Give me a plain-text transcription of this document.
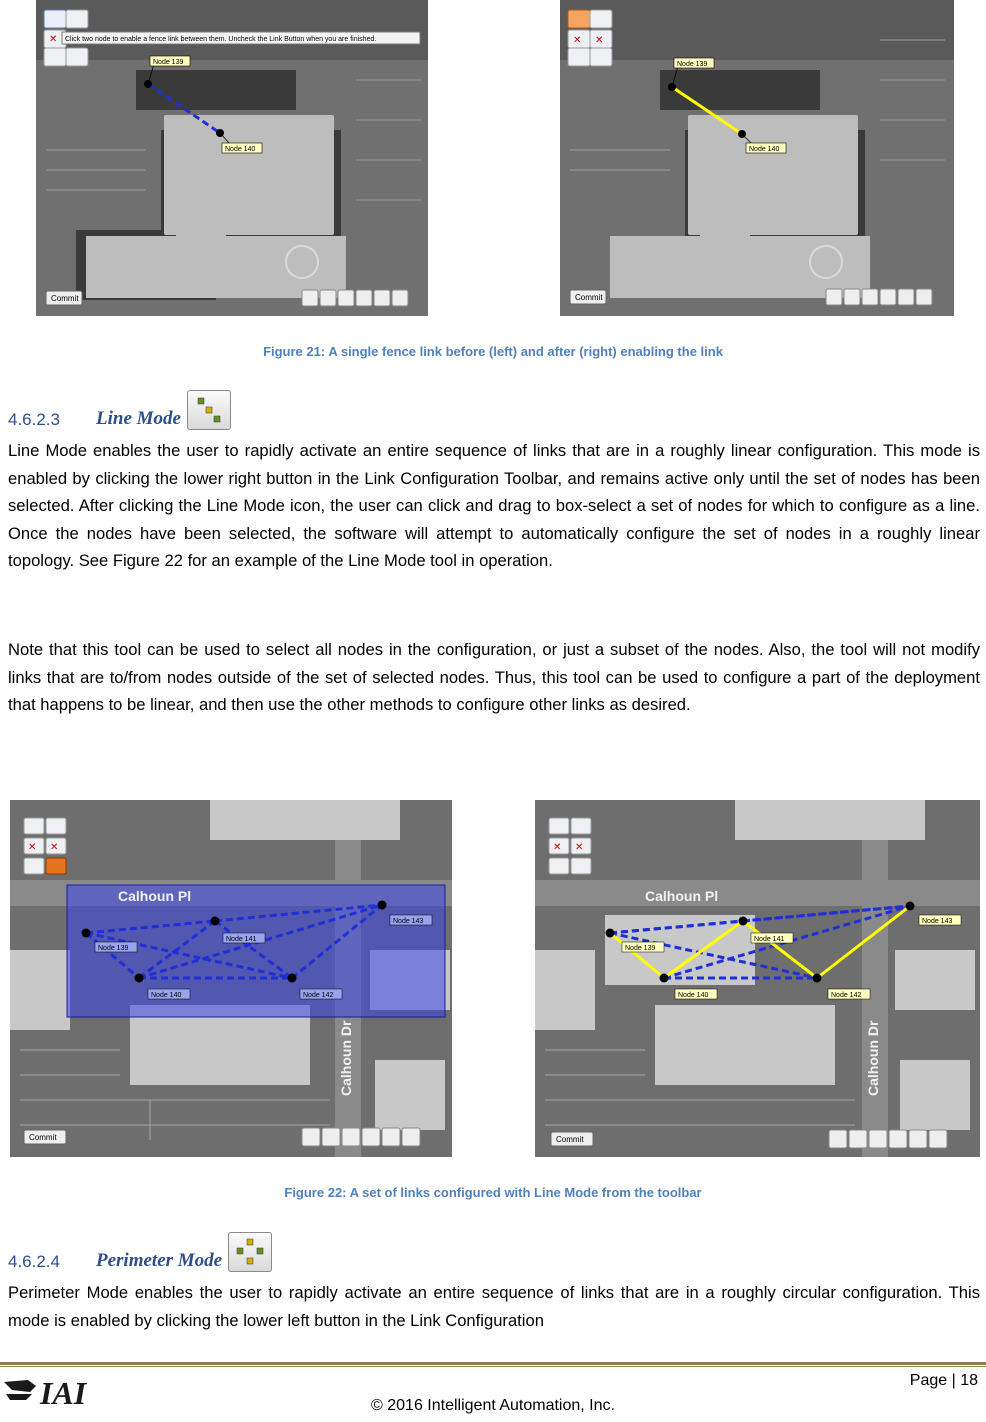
✕ Click two node to enable a fence link between them. Uncheck the Link Button when you are finished.
Node 139
Node 140
Commit
✕ ✕
Node 139
Node 140
Commit
Figure 21: A single fence link before (left) and after (right) enabling the link
4.6.2.3	Line Mode

Line Mode enables the user to rapidly activate an entire sequence of links that are in a roughly linear configuration. This mode is enabled by clicking the lower right button in the Link Configuration Toolbar, and remains active only until the set of nodes has been selected. After clicking the Line Mode icon, the user can click and drag to box-select a set of nodes for which to configure as a line. Once the nodes have been selected, the software will attempt to automatically configure the set of nodes in a roughly linear topology. See Figure 22 for an example of the Line Mode tool in operation.

Note that this tool can be used to select all nodes in the configuration, or just a subset of the nodes. Also, the tool will not modify links that are to/from nodes outside of the set of selected nodes. Thus, this tool can be used to configure a part of the deployment that happens to be linear, and then use the other methods to configure other links as desired.

Calhoun Pl
Calhoun Dr
Node 139
Node 140
Node 141
Node 142
Node 143
✕ ✕
Commit
Calhoun Pl
Calhoun Dr
Node 139
Node 140
Node 141
Node 142
Node 143
✕ ✕
Commit
Figure 22: A set of links configured with Line Mode from the toolbar
4.6.2.4	Perimeter Mode

Perimeter Mode enables the user to rapidly activate an entire sequence of links that are in a roughly circular configuration. This mode is enabled by clicking the lower left button in the Link Configuration

IAI	Page | 18
© 2016 Intelligent Automation, Inc.
